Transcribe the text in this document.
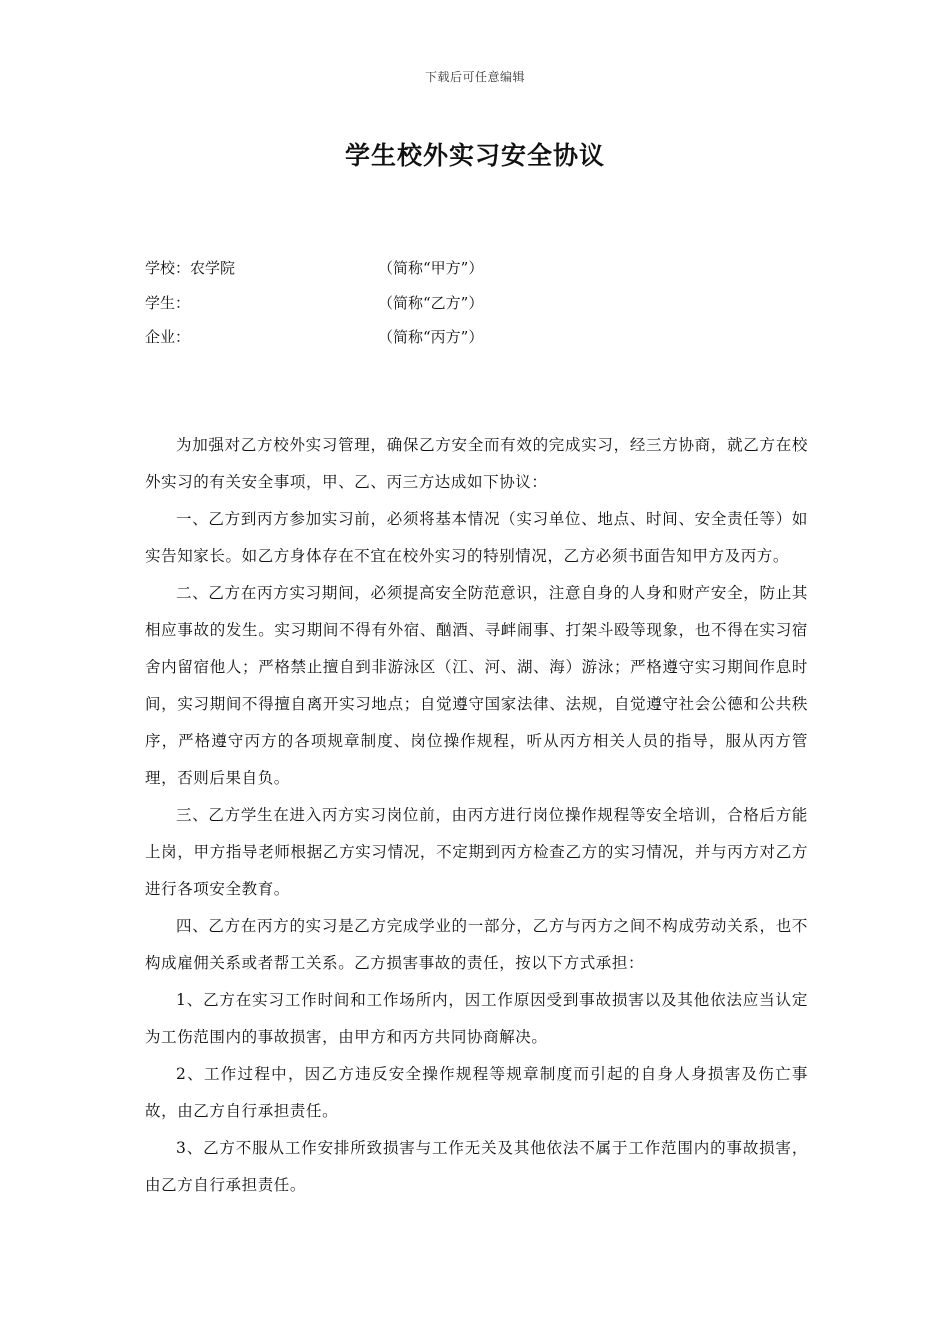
下载后可任意编辑
学生校外实习安全协议
学校：农学院	（简称“甲方”）
学生：	（简称“乙方”）
企业：	（简称“丙方”）

为加强对乙方校外实习管理，确保乙方安全而有效的完成实习，经三方协商，就乙方在校外实习的有关安全事项，甲、乙、丙三方达成如下协议：

一、乙方到丙方参加实习前，必须将基本情况（实习单位、地点、时间、安全责任等）如实告知家长。如乙方身体存在不宜在校外实习的特别情况，乙方必须书面告知甲方及丙方。

二、乙方在丙方实习期间，必须提高安全防范意识，注意自身的人身和财产安全，防止其相应事故的发生。实习期间不得有外宿、酗酒、寻衅闹事、打架斗殴等现象，也不得在实习宿舍内留宿他人；严格禁止擅自到非游泳区（江、河、湖、海）游泳；严格遵守实习期间作息时间，实习期间不得擅自离开实习地点；自觉遵守国家法律、法规，自觉遵守社会公德和公共秩序，严格遵守丙方的各项规章制度、岗位操作规程，听从丙方相关人员的指导，服从丙方管理，否则后果自负。

三、乙方学生在进入丙方实习岗位前，由丙方进行岗位操作规程等安全培训，合格后方能上岗，甲方指导老师根据乙方实习情况，不定期到丙方检查乙方的实习情况，并与丙方对乙方进行各项安全教育。

四、乙方在丙方的实习是乙方完成学业的一部分，乙方与丙方之间不构成劳动关系，也不构成雇佣关系或者帮工关系。乙方损害事故的责任，按以下方式承担：

1、乙方在实习工作时间和工作场所内，因工作原因受到事故损害以及其他依法应当认定为工伤范围内的事故损害，由甲方和丙方共同协商解决。

2、工作过程中，因乙方违反安全操作规程等规章制度而引起的自身人身损害及伤亡事故，由乙方自行承担责任。

3、乙方不服从工作安排所致损害与工作无关及其他依法不属于工作范围内的事故损害，由乙方自行承担责任。
